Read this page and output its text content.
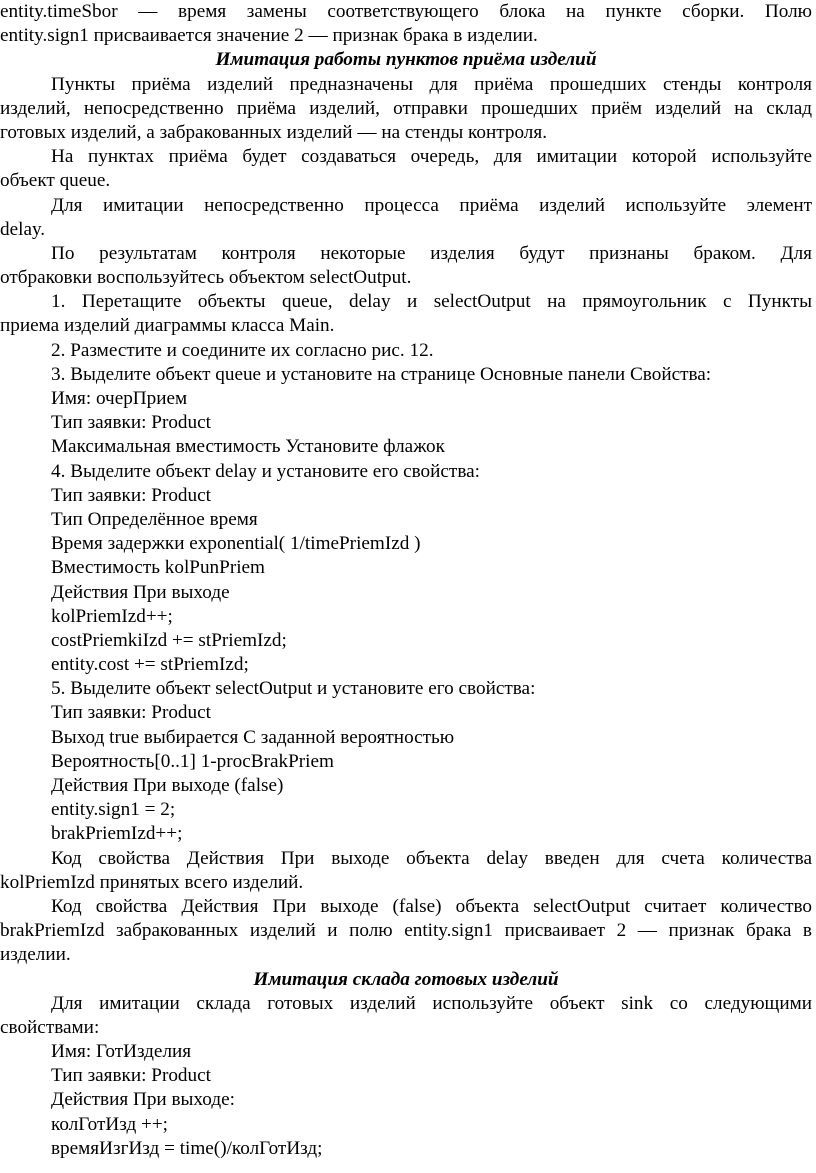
entity.timeSbor — время замены соответствующего блока на пункте сборки. Полю
entity.sign1 присваивается значение 2 — признак брака в изделии.
Имитация работы пунктов приёма изделий
Пункты приёма изделий предназначены для приёма прошедших стенды контроля
изделий, непосредственно приёма изделий, отправки прошедших приём изделий на склад
готовых изделий, а забракованных изделий — на стенды контроля.
На пунктах приёма будет создаваться очередь, для имитации которой используйте
объект queue.
Для имитации непосредственно процесса приёма изделий используйте элемент
delay.
По результатам контроля некоторые изделия будут признаны браком. Для
отбраковки воспользуйтесь объектом selectOutput.
1. Перетащите объекты queue, delay и selectOutput на прямоугольник с Пункты
приема изделий диаграммы класса Main.
2. Разместите и соедините их согласно рис. 12.
3. Выделите объект queue и установите на странице Основные панели Свойства:
Имя: очерПрием
Тип заявки: Product
Максимальная вместимость Установите флажок
4. Выделите объект delay и установите его свойства:
Тип заявки: Product
Тип Определённое время
Время задержки exponential( 1/timePriemIzd )
Вместимость kolPunPriem
Действия При выходе
kolPriemIzd++;
costPriemkiIzd += stPriemIzd;
entity.cost += stPriemIzd;
5. Выделите объект selectOutput и установите его свойства:
Тип заявки: Product
Выход true выбирается С заданной вероятностью
Вероятность[0..1] 1-procBrakPriem
Действия При выходе (false)
entity.sign1 = 2;
brakPriemIzd++;
Код свойства Действия При выходе объекта delay введен для счета количества
kolPriemIzd принятых всего изделий.
Код свойства Действия При выходе (false) объекта selectOutput считает количество
brakPriemIzd забракованных изделий и полю entity.sign1 присваивает 2 — признак брака в
изделии.
Имитация склада готовых изделий
Для имитации склада готовых изделий используйте объект sink со следующими
свойствами:
Имя: ГотИзделия
Тип заявки: Product
Действия При выходе:
колГотИзд ++;
времяИзгИзд = time()/колГотИзд;
